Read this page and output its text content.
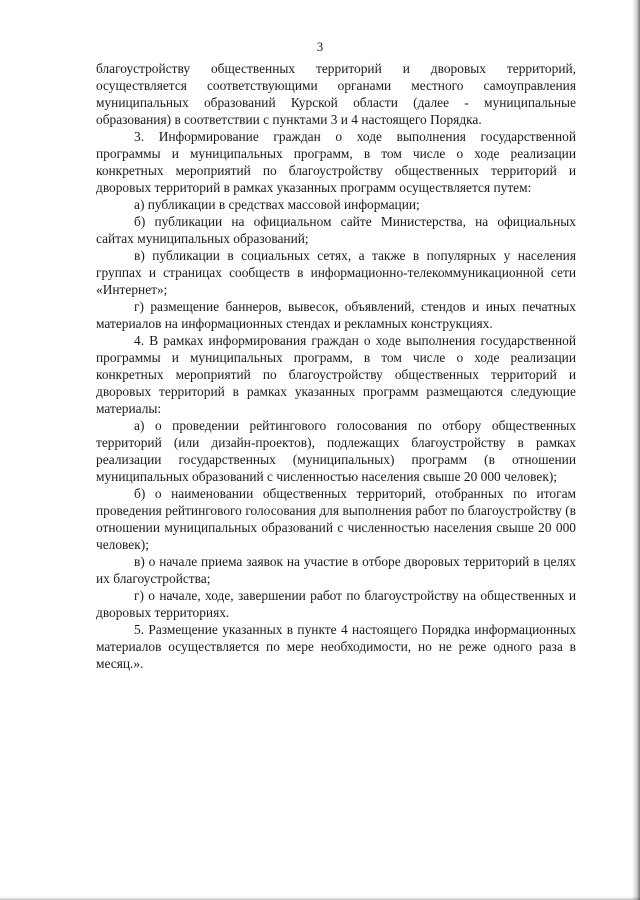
3

благоустройству общественных территорий и дворовых территорий, осуществляется соответствующими органами местного самоуправления муниципальных образований Курской области (далее - муниципальные образования) в соответствии с пунктами 3 и 4 настоящего Порядка.

3. Информирование граждан о ходе выполнения государственной программы и муниципальных программ, в том числе о ходе реализации конкретных мероприятий по благоустройству общественных территорий и дворовых территорий в рамках указанных программ осуществляется путем:

а) публикации в средствах массовой информации;

б) публикации на официальном сайте Министерства, на официальных сайтах муниципальных образований;

в) публикации в социальных сетях, а также в популярных у населения группах и страницах сообществ в информационно-телекоммуникационной сети «Интернет»;

г) размещение баннеров, вывесок, объявлений, стендов и иных печатных материалов на информационных стендах и рекламных конструкциях.

4. В рамках информирования граждан о ходе выполнения государственной программы и муниципальных программ, в том числе о ходе реализации конкретных мероприятий по благоустройству общественных территорий и дворовых территорий в рамках указанных программ размещаются следующие материалы:

а) о проведении рейтингового голосования по отбору общественных территорий (или дизайн-проектов), подлежащих благоустройству в рамках реализации государственных (муниципальных) программ (в отношении муниципальных образований с численностью населения свыше 20 000 человек);

б) о наименовании общественных территорий, отобранных по итогам проведения рейтингового голосования для выполнения работ по благоустройству (в отношении муниципальных образований с численностью населения свыше 20 000 человек);

в) о начале приема заявок на участие в отборе дворовых территорий в целях их благоустройства;

г) о начале, ходе, завершении работ по благоустройству на общественных и дворовых территориях.

5. Размещение указанных в пункте 4 настоящего Порядка информационных материалов осуществляется по мере необходимости, но не реже одного раза в месяц.».
